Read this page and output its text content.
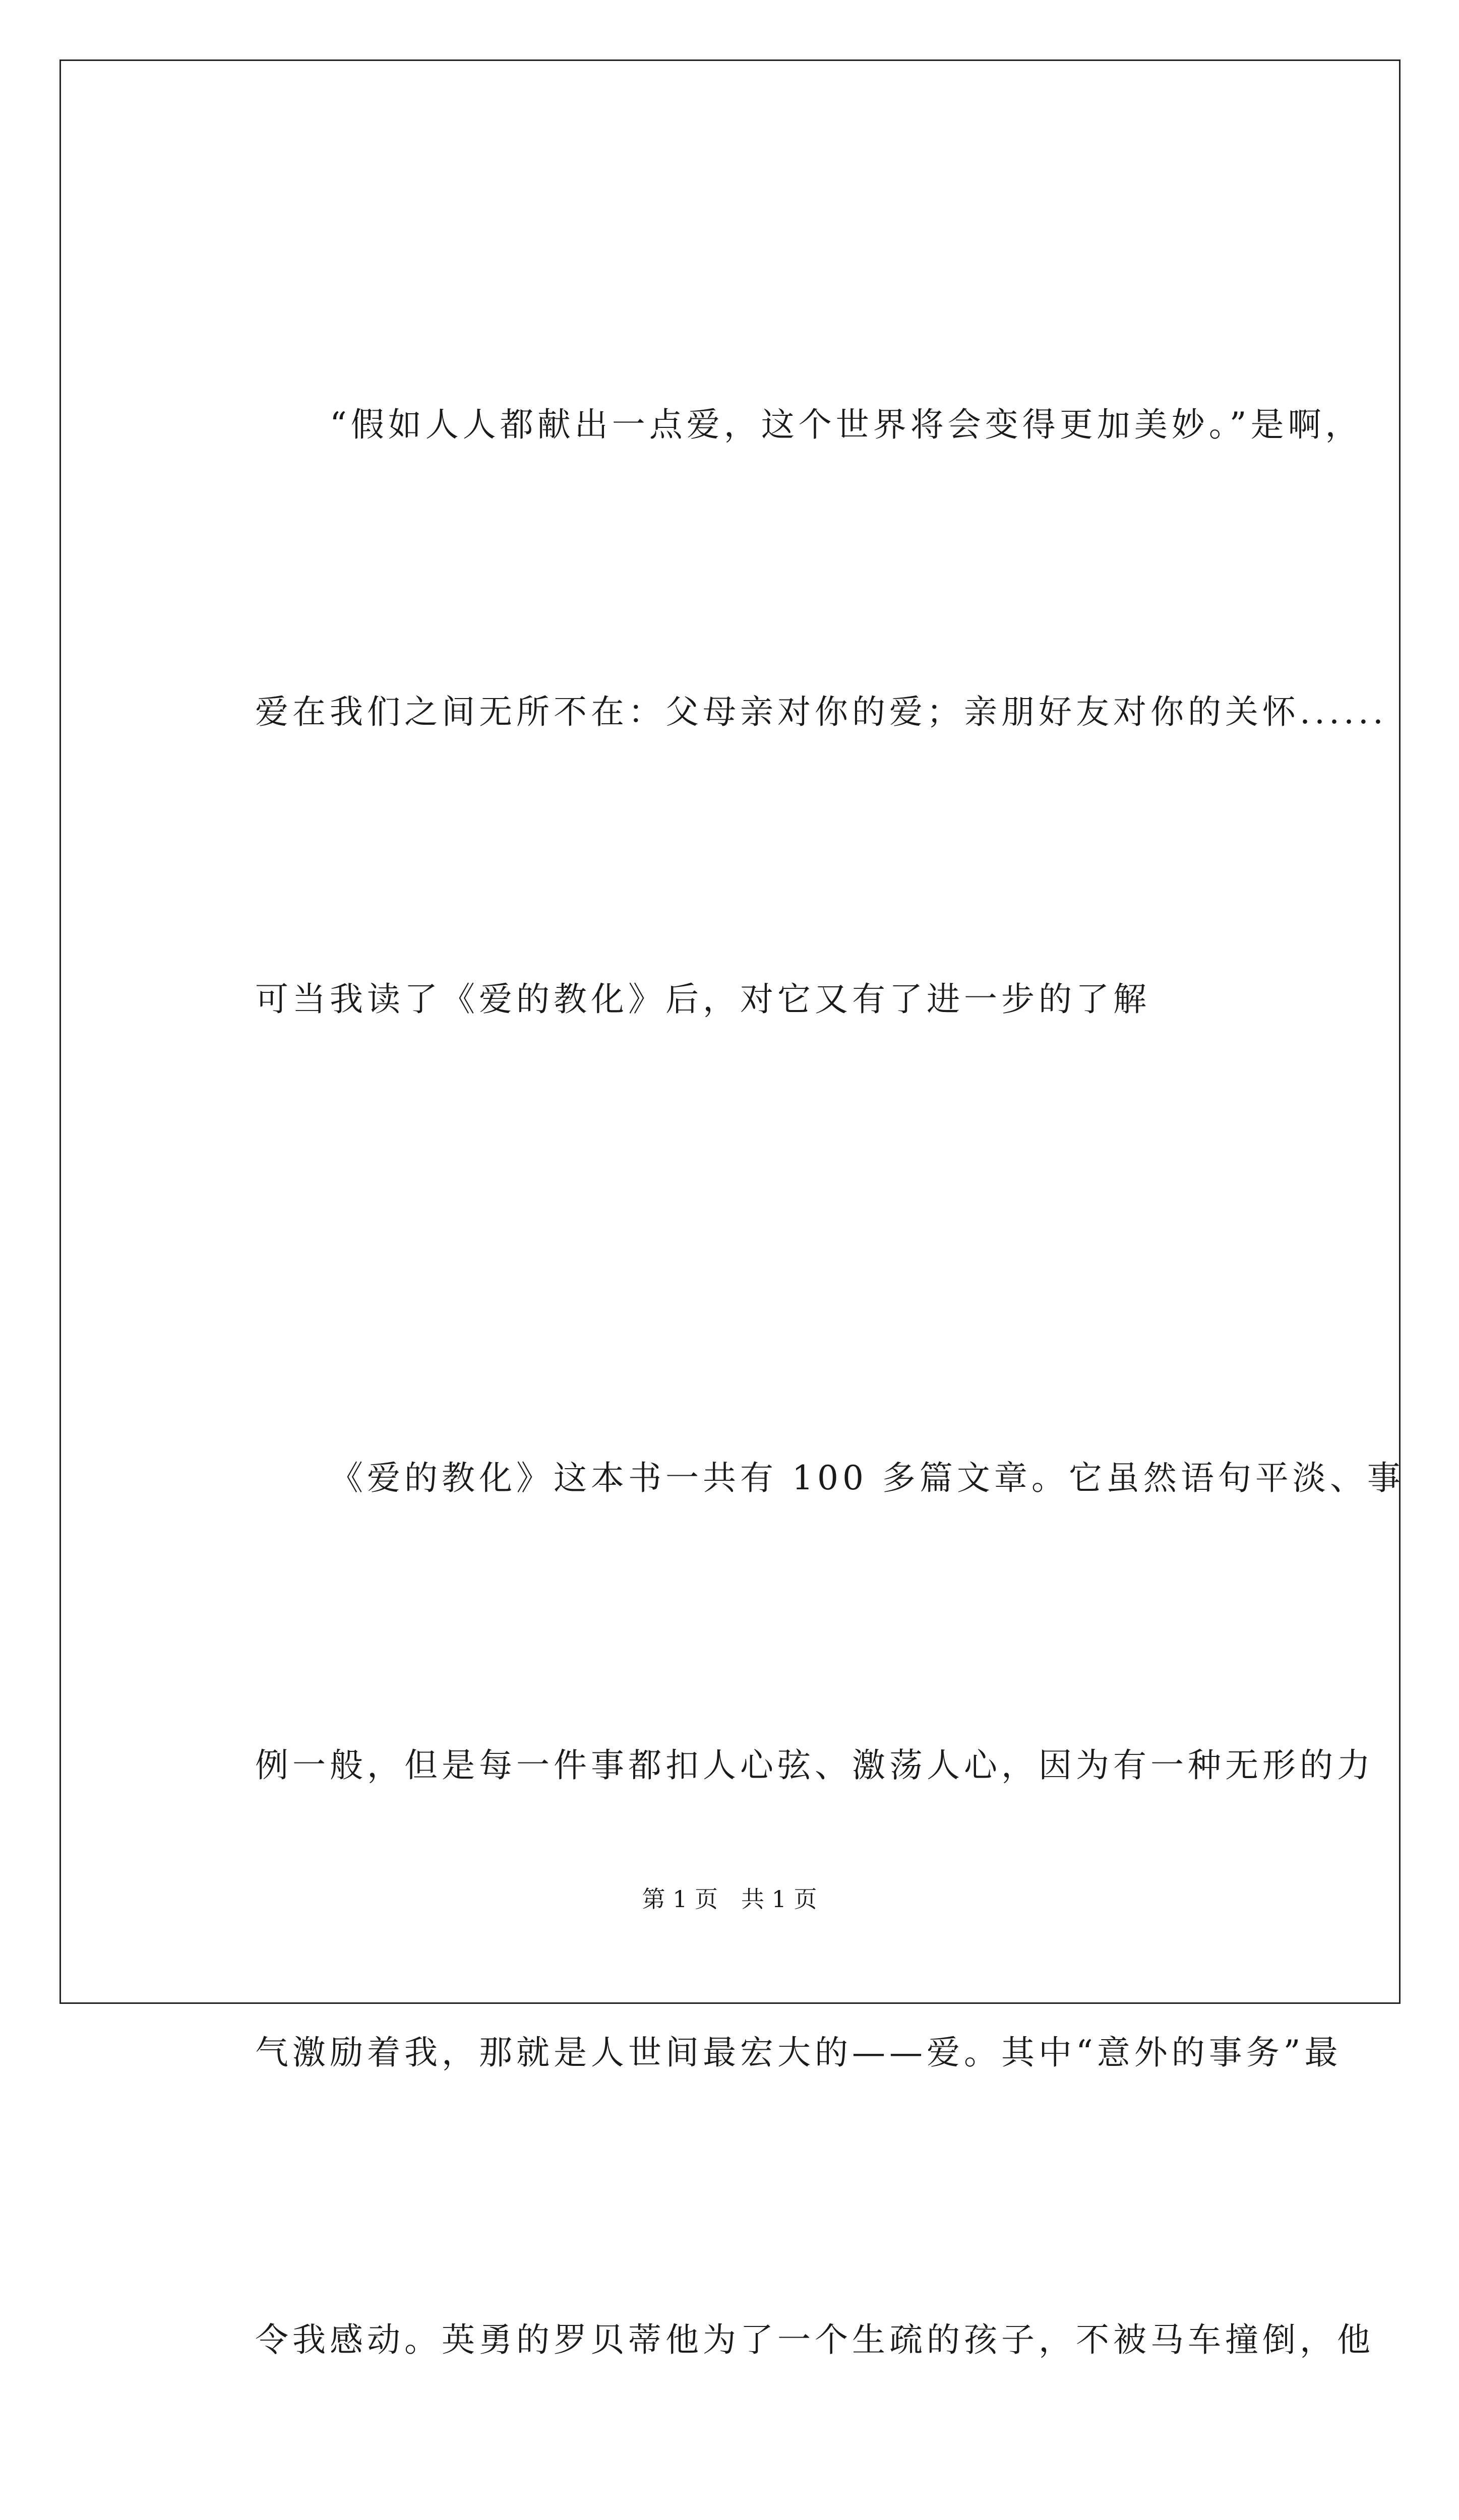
“假如人人都献出一点爱，这个世界将会变得更加美妙。”是啊，

爱在我们之间无所不在：父母亲对你的爱；亲朋好友对你的关怀......

可当我读了《爱的教化》后，对它又有了进一步的了解

《爱的教化》这本书一共有 100 多篇文章。它虽然语句平淡、事

例一般，但是每一件事都扣人心弦、激荡人心，因为有一种无形的力

气激励着我，那就是人世间最宏大的——爱。其中“意外的事务”最

令我感动。英勇的罗贝蒂他为了一个生疏的孩子，不被马车撞倒，他

第 1 页　共 1 页
